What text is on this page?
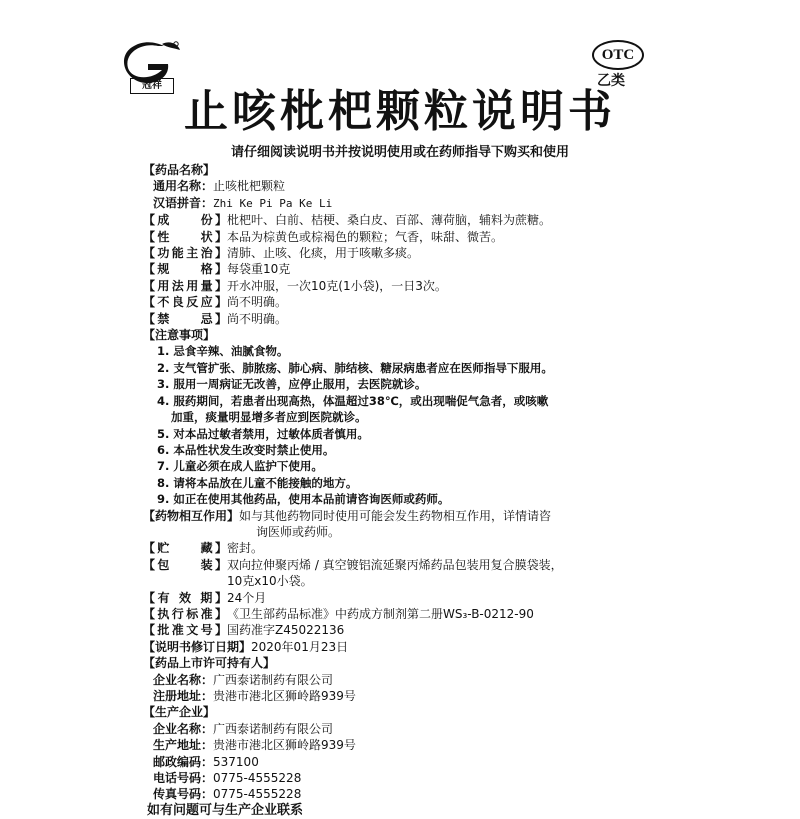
冠祥
OTC
乙类
止咳枇杷颗粒说明书
请仔细阅读说明书并按说明使用或在药师指导下购买和使用
【药品名称】
通用名称：止咳枇杷颗粒
汉语拼音：Zhi Ke Pi Pa Ke Li
【成　　份】枇杷叶、白前、桔梗、桑白皮、百部、薄荷脑，辅料为蔗糖。
【性　　状】本品为棕黄色或棕褐色的颗粒；气香，味甜、微苦。
【功能主治】清肺、止咳、化痰，用于咳嗽多痰。
【规　　格】每袋重10克
【用法用量】开水冲服，一次10克(1小袋)，一日3次。
【不良反应】尚不明确。
【禁　　忌】尚不明确。
【注意事项】
1. 忌食辛辣、油腻食物。
2. 支气管扩张、肺脓疡、肺心病、肺结核、糖尿病患者应在医师指导下服用。
3. 服用一周病证无改善，应停止服用，去医院就诊。
4. 服药期间，若患者出现高热，体温超过38℃，或出现喘促气急者，或咳嗽
加重，痰量明显增多者应到医院就诊。
5. 对本品过敏者禁用，过敏体质者慎用。
6. 本品性状发生改变时禁止使用。
7. 儿童必须在成人监护下使用。
8. 请将本品放在儿童不能接触的地方。
9. 如正在使用其他药品，使用本品前请咨询医师或药师。
【药物相互作用】如与其他药物同时使用可能会发生药物相互作用，详情请咨
询医师或药师。
【贮　　藏】密封。
【包　　装】双向拉伸聚丙烯 / 真空镀铝流延聚丙烯药品包装用复合膜袋装，
10克x10小袋。
【有 效 期】24个月
【执行标准】《卫生部药品标准》中药成方制剂第二册WS₃-B-0212-90
【批准文号】国药准字Z45022136
【说明书修订日期】2020年01月23日
【药品上市许可持有人】
企业名称：广西泰诺制药有限公司
注册地址：贵港市港北区狮岭路939号
【生产企业】
企业名称：广西泰诺制药有限公司
生产地址：贵港市港北区狮岭路939号
邮政编码：537100
电话号码：0775-4555228
传真号码：0775-4555228
如有问题可与生产企业联系
